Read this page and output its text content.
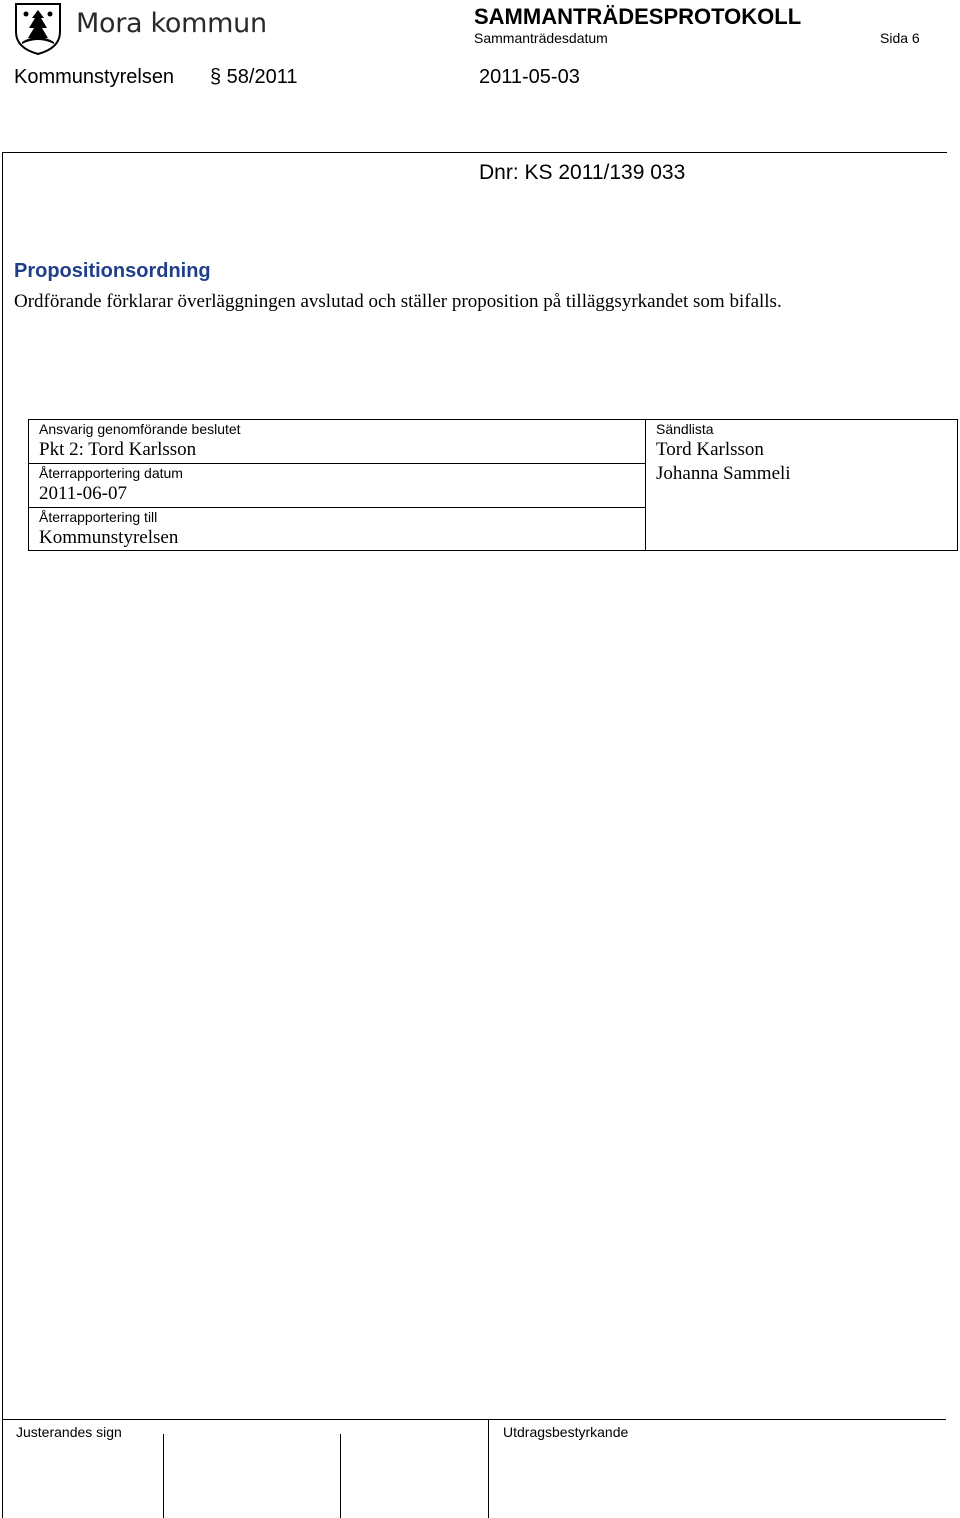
Mora kommun	SAMMANTRÄDESPROTOKOLL
Sammanträdesdatum	Sida 6
Kommunstyrelsen § 58/2011	2011-05-03
Dnr: KS 2011/139 033
Propositionsordning
Ordförande förklarar överläggningen avslutad och ställer proposition på tilläggsyrkandet som bifalls.
Ansvarig genomförande beslutet
Pkt 2: Tord Karlsson
Återrapportering datum
2011-06-07
Återrapportering till
Kommunstyrelsen
Sändlista
Tord Karlsson
Johanna Sammeli
Justerandes sign	Utdragsbestyrkande
